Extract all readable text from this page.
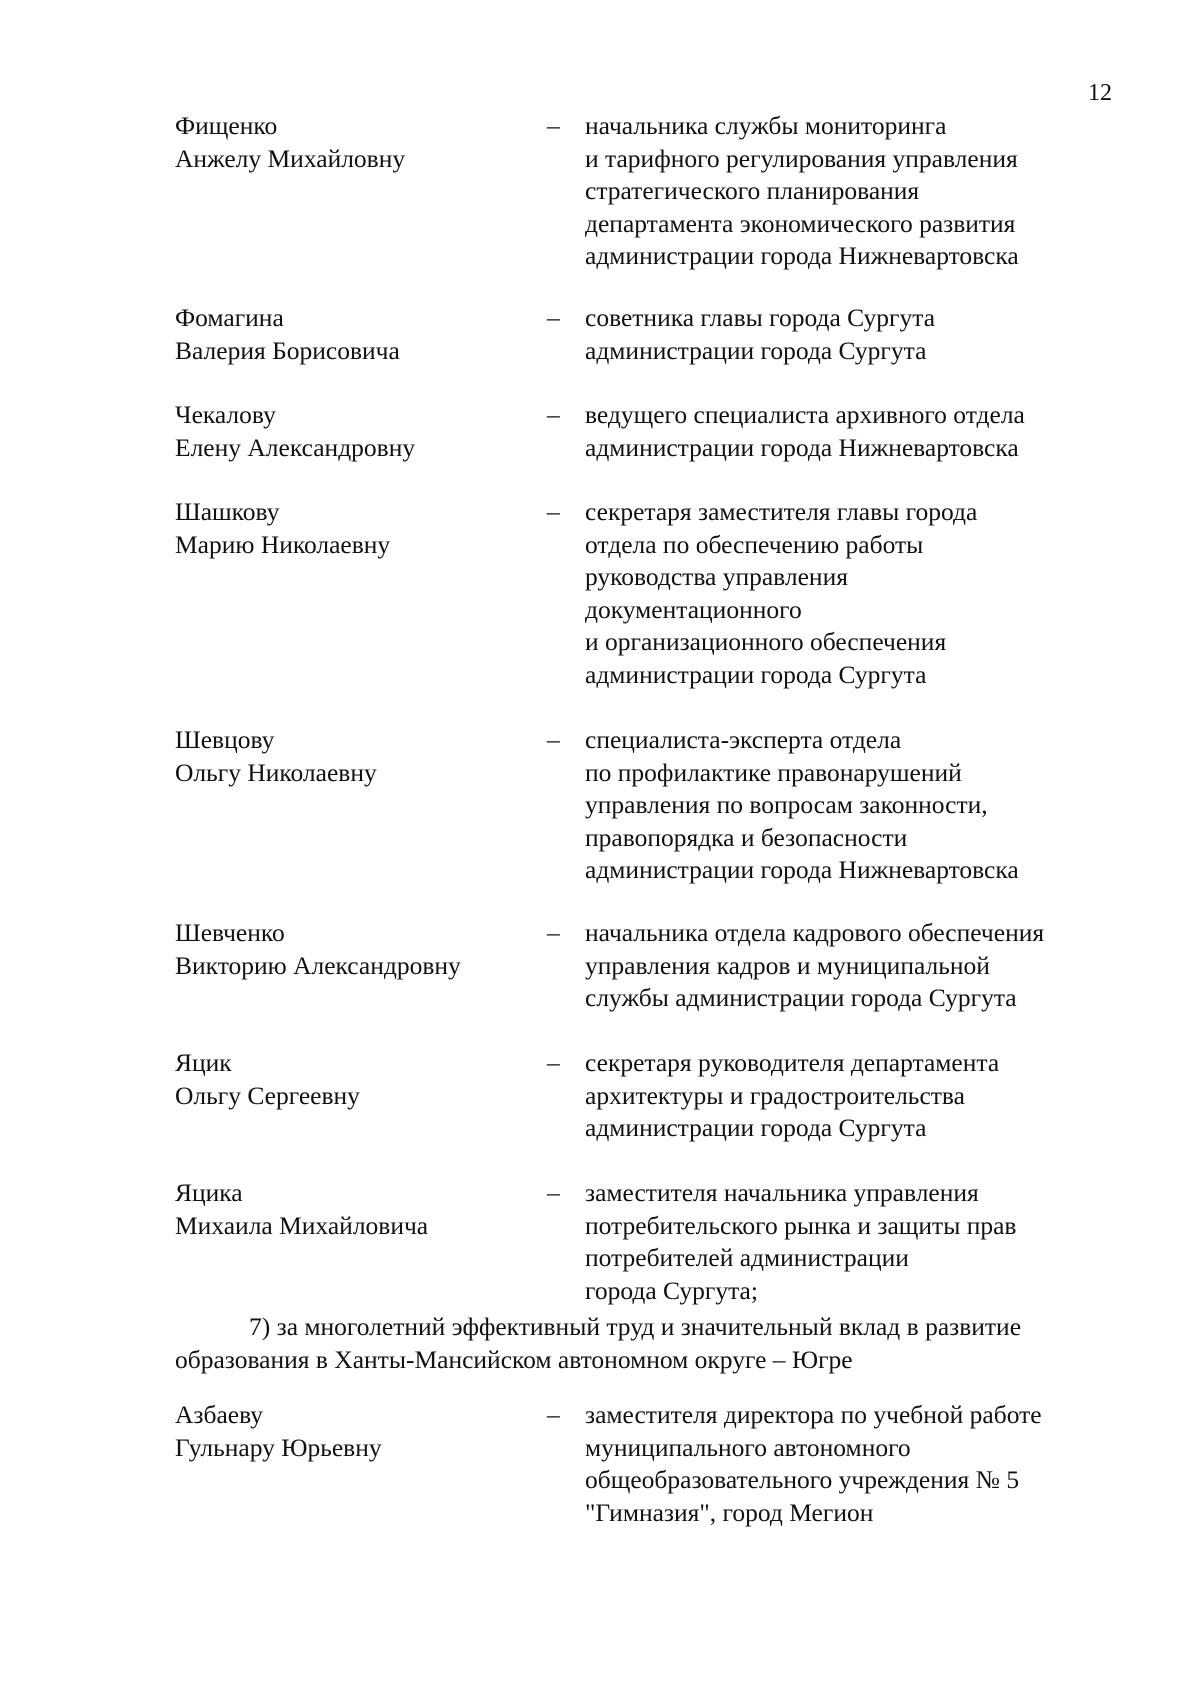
12
Фищенко
Анжелу Михайловну
– начальника службы мониторинга
и тарифного регулирования управления
стратегического планирования
департамента экономического развития
администрации города Нижневартовска
Фомагина
Валерия Борисовича
– советника главы города Сургута
администрации города Сургута
Чекалову
Елену Александровну
– ведущего специалиста архивного отдела
администрации города Нижневартовска
Шашкову
Марию Николаевну
– секретаря заместителя главы города
отдела по обеспечению работы
руководства управления
документационного
и организационного обеспечения
администрации города Сургута
Шевцову
Ольгу Николаевну
– специалиста-эксперта отдела
по профилактике правонарушений
управления по вопросам законности,
правопорядка и безопасности
администрации города Нижневартовска
Шевченко
Викторию Александровну
– начальника отдела кадрового обеспечения
управления кадров и муниципальной
службы администрации города Сургута
Яцик
Ольгу Сергеевну
– секретаря руководителя департамента
архитектуры и градостроительства
администрации города Сургута
Яцика
Михаила Михайловича
– заместителя начальника управления
потребительского рынка и защиты прав
потребителей администрации
города Сургута;
7) за многолетний эффективный труд и значительный вклад в развитие
образования в Ханты-Мансийском автономном округе – Югре
Азбаеву
Гульнару Юрьевну
– заместителя директора по учебной работе
муниципального автономного
общеобразовательного учреждения № 5
"Гимназия", город Мегион
